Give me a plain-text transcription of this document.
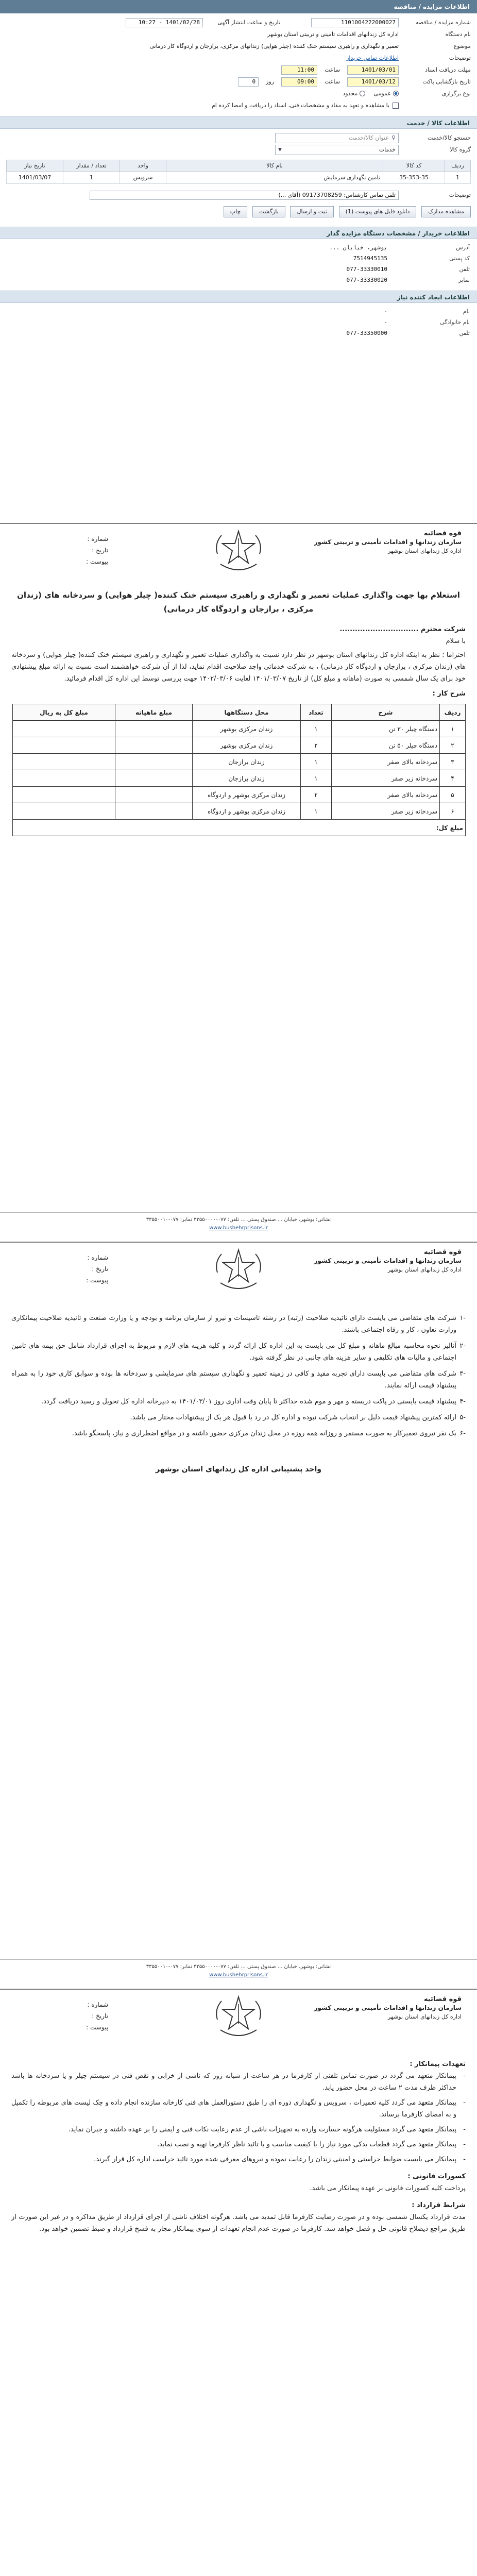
اطلاعات مزایده / مناقصه
شماره مزایده / مناقصه
1101004222000027
تاریخ و ساعت انتشار آگهی
1401/02/28 - 10:27
نام دستگاه
اداره کل زندانهای اقدامات تامینی و تربیتی استان بوشهر
موضوع
تعمیر و نگهداری و راهبری سیستم خنک کننده (چیلر هوایی) زندانهای مرکزی، برازجان و اردوگاه کار درمانی
توضیحات
اطلاعات تماس خریدار
مهلت دریافت اسناد
1401/03/01
ساعت
11:00
تاریخ بازگشایی پاکت
1401/03/12
ساعت
09:00
روز
0
نوع برگزاری
عمومی
محدود
با مشاهده و تعهد به مفاد و مشخصات فنی، اسناد را دریافت و امضا کرده ام
اطلاعات کالا / خدمت
جستجو کالا/خدمت
⚲
عنوان کالا/خدمت
گروه کالا
خدمات
▼
ردیف	کد کالا	نام کالا	واحد	تعداد / مقدار	تاریخ نیاز
1	35-353-35	تامین نگهداری سرمایش	سرویس	1	1401/03/07
توضیحات
تلفن تماس کارشناس: 09173708259 (آقای ...)
مشاهده مدارک دانلود فایل های پیوست (1) ثبت و ارسال بازگشت چاپ
اطلاعات خریدار / مشخصات دستگاه مزایده گذار
آدرس
بوشهر، خیابان ...
کد پستی
7514945135
تلفن
077-33330010
نمابر
077-33330020
اطلاعات ایجاد کننده نیاز
نام
-
نام خانوادگی
-
تلفن
077-33350000
قوه قضائیه
سازمان زندانها و اقدامات تأمینی و تربیتی کشور
اداره کل زندانهای استان بوشهر
شماره :
تاریخ :
پیوست :
استعلام بها جهت واگذاری عملیات تعمیر و نگهداری و راهبری سیستم خنک کننده( چیلر هوایی) و سردخانه های (زندان مرکزی ، برازجان و اردوگاه کار درمانی)
شرکت محترم ...............................
با سلام
احتراما ؛ نظر به اینکه اداره کل زندانهای استان بوشهر در نظر دارد نسبت به واگذاری عملیات تعمیر و نگهداری و راهبری سیستم خنک کننده( چیلر هوایی) و سردخانه های (زندان مرکزی ، برازجان و اردوگاه کار درمانی) ، به شرکت خدماتی واجد صلاحیت اقدام نماید، لذا از آن شرکت خواهشمند است نسبت به ارائه مبلغ پیشنهادی خود برای یک سال شمسی به صورت (ماهانه و مبلغ کل) از تاریخ ۱۴۰۱/۰۳/۰۷ لغایت ۱۴۰۲/۰۳/۰۶ جهت بررسی توسط این اداره کل اقدام فرمائید.
شرح کار :
ردیف	شرح	تعداد	محل دستگاهها	مبلغ ماهیانه	مبلغ کل به ریال
۱	دستگاه چیلر ۳۰ تن	۱	زندان مرکزی بوشهر		
۲	دستگاه چیلر ۵۰ تن	۲	زندان مرکزی بوشهر		
۳	سردخانه بالای صفر	۱	زندان برازجان		
۴	سردخانه زیر صفر	۱	زندان برازجان		
۵	سردخانه بالای صفر	۲	زندان مرکزی بوشهر و اردوگاه		
۶	سردخانه زیر صفر	۱	زندان مرکزی بوشهر و اردوگاه		
مبلغ کل:					
نشانی: بوشهر، خیابان ... صندوق پستی ... تلفن: ۰۷۷-۳۳۵۵۰۰۰۰ نمابر: ۰۷۷-۳۳۵۵۰۰۱۰
www.bushehrprisons.ir
قوه قضائیه
سازمان زندانها و اقدامات تأمینی و تربیتی کشور
اداره کل زندانهای استان بوشهر
شماره :
تاریخ :
پیوست :
-۱
شرکت های متقاضی می بایست دارای تائیدیه صلاحیت (رتبه) در رشته تاسیسات و نیرو از سازمان برنامه و بودجه و یا وزارت صنعت و تائیدیه صلاحیت پیمانکاری وزارت تعاون ، کار و رفاه اجتماعی باشند.
-۲
آنالیز نحوه محاسبه مبالغ ماهانه و مبلغ کل می بایست به این اداره کل ارائه گردد و کلیه هزینه های لازم و مربوط به اجرای قرارداد شامل حق بیمه های تامین اجتماعی و مالیات های تکلیفی و سایر هزینه های جانبی در نظر گرفته شود.
-۳
شرکت های متقاضی می بایست دارای تجربه مفید و کافی در زمینه تعمیر و نگهداری سیستم های سرمایشی و سردخانه ها بوده و سوابق کاری خود را به همراه پیشنهاد قیمت ارائه نمایند.
-۴
پیشنهاد قیمت بایستی در پاکت دربسته و مهر و موم شده حداکثر تا پایان وقت اداری روز ۱۴۰۱/۰۳/۰۱ به دبیرخانه اداره کل تحویل و رسید دریافت گردد.
-۵
ارائه کمترین پیشنهاد قیمت دلیل بر انتخاب شرکت نبوده و اداره کل در رد یا قبول هر یک از پیشنهادات مختار می باشد.
-۶
یک نفر نیروی تعمیرکار به صورت مستمر و روزانه همه روزه در محل زندان مرکزی حضور داشته و در مواقع اضطراری و نیاز، پاسخگو باشد.
واحد پشتیبانی اداره کل زندانهای استان بوشهر
نشانی: بوشهر، خیابان ... صندوق پستی ... تلفن: ۰۷۷-۳۳۵۵۰۰۰۰ نمابر: ۰۷۷-۳۳۵۵۰۰۱۰
www.bushehrprisons.ir
قوه قضائیه
سازمان زندانها و اقدامات تأمینی و تربیتی کشور
اداره کل زندانهای استان بوشهر
شماره :
تاریخ :
پیوست :
تعهدات پیمانکار :
-
پیمانکار متعهد می گردد در صورت تماس تلفنی از کارفرما در هر ساعت از شبانه روز که ناشی از خرابی و نقص فنی در سیستم چیلر و یا سردخانه ها باشد حداکثر ظرف مدت ۲ ساعت در محل حضور یابد.
-
پیمانکار متعهد می گردد کلیه تعمیرات ، سرویس و نگهداری دوره ای را طبق دستورالعمل های فنی کارخانه سازنده انجام داده و چک لیست های مربوطه را تکمیل و به امضای کارفرما برساند.
-
پیمانکار متعهد می گردد مسئولیت هرگونه خسارت وارده به تجهیزات ناشی از عدم رعایت نکات فنی و ایمنی را بر عهده داشته و جبران نماید.
-
پیمانکار متعهد می گردد قطعات یدکی مورد نیاز را با کیفیت مناسب و با تائید ناظر کارفرما تهیه و نصب نماید.
-
پیمانکار می بایست ضوابط حراستی و امنیتی زندان را رعایت نموده و نیروهای معرفی شده مورد تائید حراست اداره کل قرار گیرند.
کسورات قانونی :
پرداخت کلیه کسورات قانونی بر عهده پیمانکار می باشد.
شرایط قرارداد :
مدت قرارداد یکسال شمسی بوده و در صورت رضایت کارفرما قابل تمدید می باشد. هرگونه اختلاف ناشی از اجرای قرارداد از طریق مذاکره و در غیر این صورت از طریق مراجع ذیصلاح قانونی حل و فصل خواهد شد. کارفرما در صورت عدم انجام تعهدات از سوی پیمانکار مجاز به فسخ قرارداد و ضبط تضمین خواهد بود.
